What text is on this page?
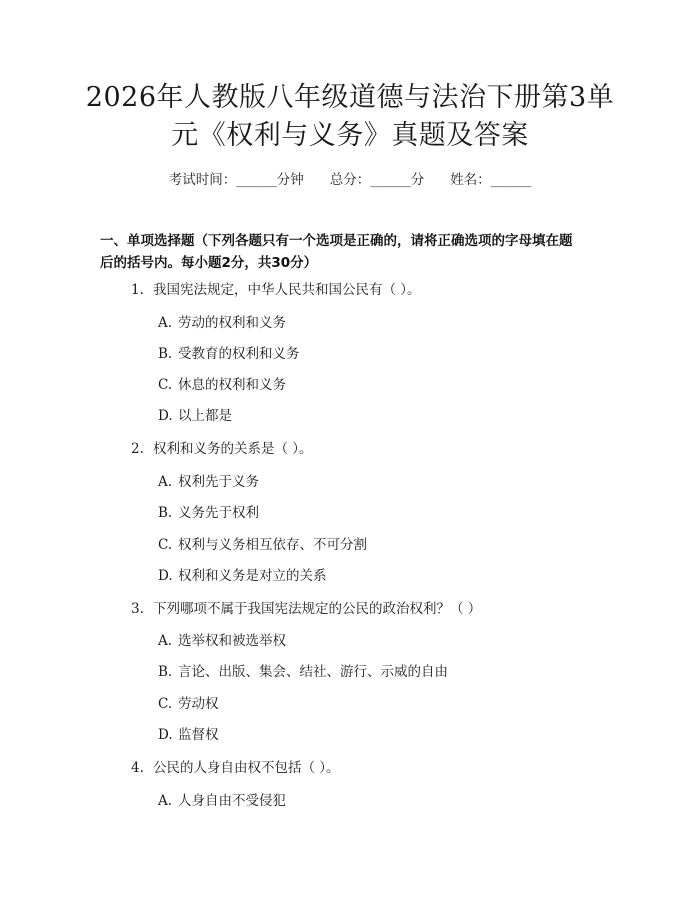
2026年人教版八年级道德与法治下册第3单
元《权利与义务》真题及答案
考试时间：______分钟 总分：______分 姓名：______
一、单项选择题（下列各题只有一个选项是正确的，请将正确选项的字母填在题
后的括号内。每小题2分，共30分）
1. 我国宪法规定，中华人民共和国公民有（ ）。
A. 劳动的权利和义务
B. 受教育的权利和义务
C. 休息的权利和义务
D. 以上都是
2. 权利和义务的关系是（ ）。
A. 权利先于义务
B. 义务先于权利
C. 权利与义务相互依存、不可分割
D. 权利和义务是对立的关系
3. 下列哪项不属于我国宪法规定的公民的政治权利？（ ）
A. 选举权和被选举权
B. 言论、出版、集会、结社、游行、示威的自由
C. 劳动权
D. 监督权
4. 公民的人身自由权不包括（ ）。
A. 人身自由不受侵犯
